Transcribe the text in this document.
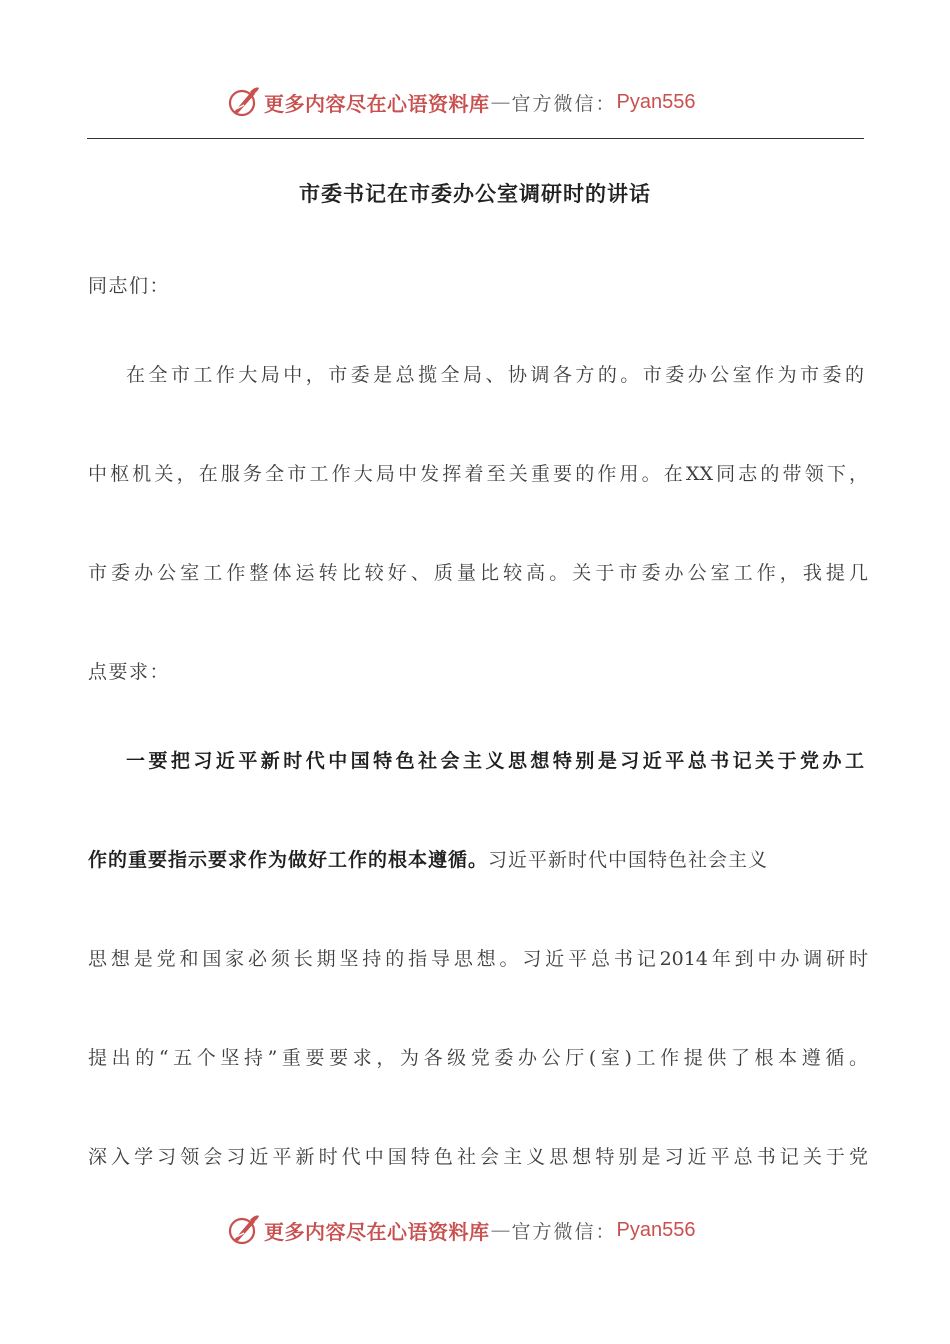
更多内容尽在心语资料库 — 官方微信： Pyan556
市委书记在市委办公室调研时的讲话
同志们：
在全市工作大局中，市委是总揽全局、协调各方的。市委办公室作为市委的
中枢机关，在服务全市工作大局中发挥着至关重要的作用。在XX同志的带领下，
市委办公室工作整体运转比较好、质量比较高。关于市委办公室工作，我提几
点要求：
一要把习近平新时代中国特色社会主义思想特别是习近平总书记关于党办工
作的重要指示要求作为做好工作的根本遵循。习近平新时代中国特色社会主义
思想是党和国家必须长期坚持的指导思想。习近平总书记2014年到中办调研时
提出的“五个坚持”重要要求，为各级党委办公厅(室)工作提供了根本遵循。
深入学习领会习近平新时代中国特色社会主义思想特别是习近平总书记关于党
更多内容尽在心语资料库 — 官方微信： Pyan556
